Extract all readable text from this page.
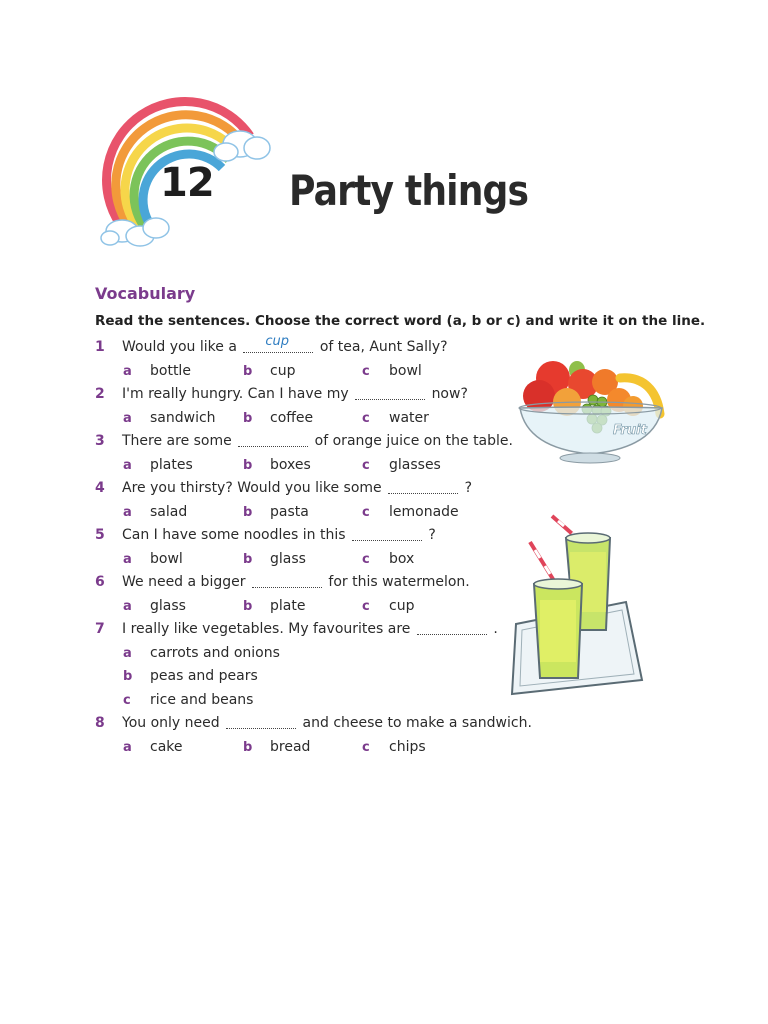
12 Party things
Vocabulary
Read the sentences. Choose the correct word (a, b or c) and write it on the line.
1 Would you like a cup of tea, Aunt Sally?
a bottle	b cup	c bowl
2 I'm really hungry. Can I have my	now?
a sandwich b coffee	c water
3 There are some	of orange juice on the table.
a plates	b boxes	c glasses
4 Are you thirsty? Would you like some	?
a salad	b pasta	c lemonade
5 Can I have some noodles in this	?
a bowl	b glass	c box
6 We need a bigger	for this watermelon.
a glass	b plate	c cup
7 I really like vegetables. My favourites are	.
a carrots and onions
b peas and pears
c rice and beans
8 You only need	and cheese to make a sandwich.
a cake	b bread	c chips
Fruit
